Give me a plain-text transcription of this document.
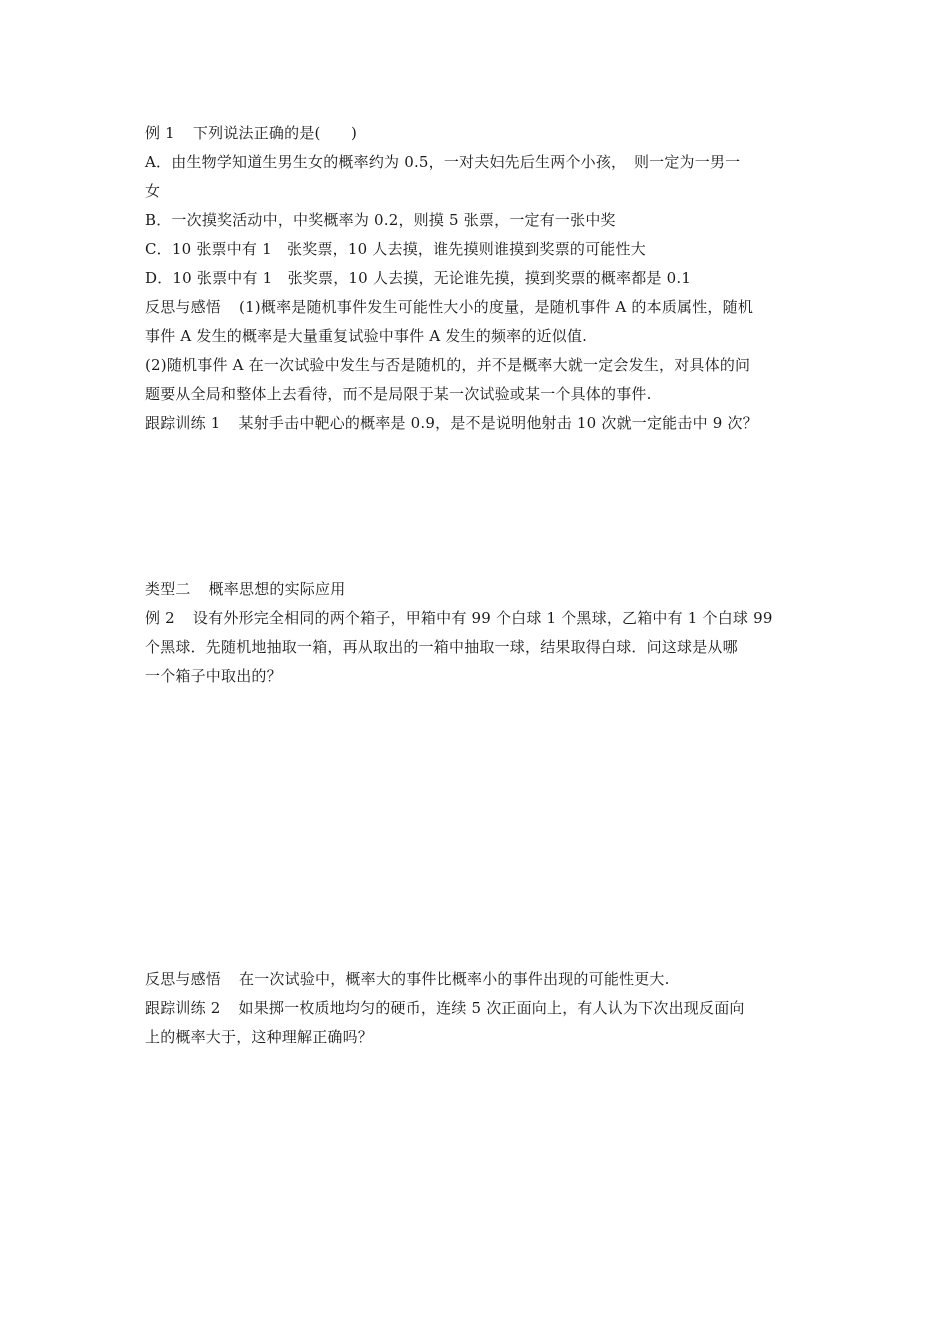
例 1 下列说法正确的是(　　)
A．由生物学知道生男生女的概率约为 0.5，一对夫妇先后生两个小孩，　则一定为一男一
女
B．一次摸奖活动中，中奖概率为 0.2，则摸 5 张票，一定有一张中奖
C．10 张票中有 1　张奖票，10 人去摸，谁先摸则谁摸到奖票的可能性大
D．10 张票中有 1　张奖票，10 人去摸，无论谁先摸，摸到奖票的概率都是 0.1
反思与感悟 (1)概率是随机事件发生可能性大小的度量，是随机事件 A 的本质属性，随机
事件 A 发生的概率是大量重复试验中事件 A 发生的频率的近似值.
(2)随机事件 A 在一次试验中发生与否是随机的，并不是概率大就一定会发生，对具体的问
题要从全局和整体上去看待，而不是局限于某一次试验或某一个具体的事件.
跟踪训练 1 某射手击中靶心的概率是 0.9，是不是说明他射击 10 次就一定能击中 9 次？
类型二 概率思想的实际应用
例 2 设有外形完全相同的两个箱子，甲箱中有 99 个白球 1 个黑球，乙箱中有 1 个白球 99
个黑球．先随机地抽取一箱，再从取出的一箱中抽取一球，结果取得白球．问这球是从哪
一个箱子中取出的？
反思与感悟 在一次试验中，概率大的事件比概率小的事件出现的可能性更大.
跟踪训练 2 如果掷一枚质地均匀的硬币，连续 5 次正面向上，有人认为下次出现反面向
上的概率大于，这种理解正确吗？
